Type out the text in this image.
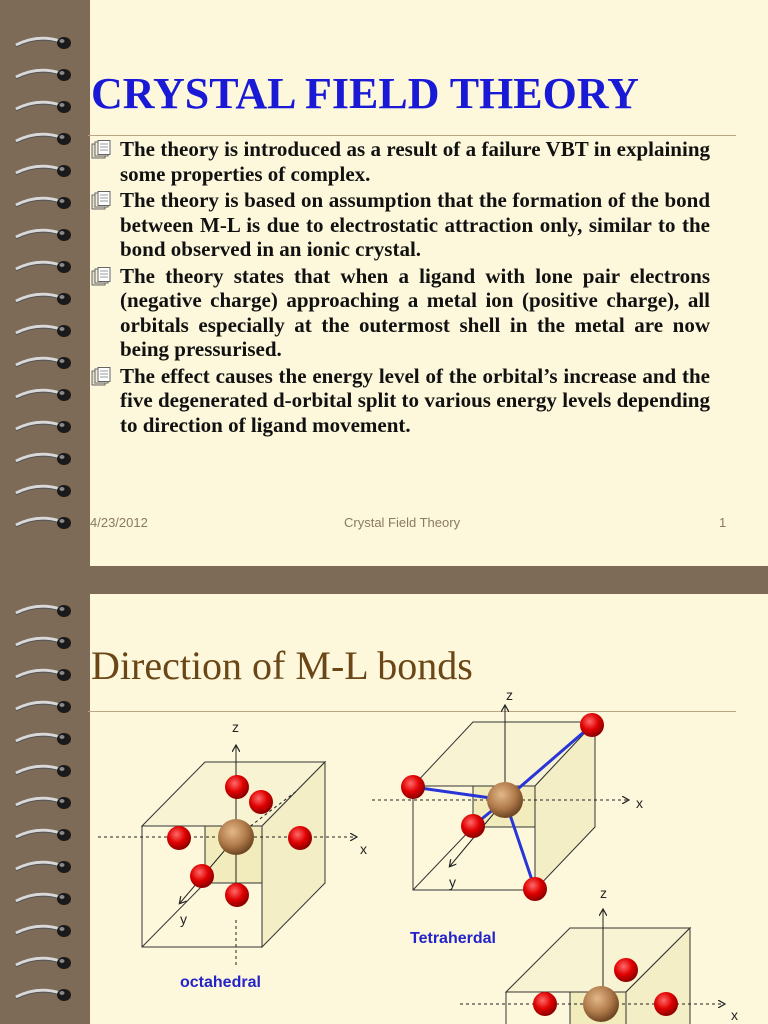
CRYSTAL FIELD THEORY
The theory is introduced as a result of a failure VBT in explaining some properties of complex.
The theory is based on assumption that the formation of the bond between M-L is due to electrostatic attraction only, similar to the bond observed in an ionic crystal.
The theory states that when a ligand with lone pair electrons (negative charge) approaching a metal ion (positive charge), all orbitals especially at the outermost shell in the metal are now being pressurised.
The effect causes the energy level of the orbital’s increase and the five degenerated d-orbital split to various energy levels depending to direction of ligand movement.
4/23/2012	Crystal Field Theory	1
Direction of M-L bonds
z
x
y
octahedral
z
x
y
Tetraherdal
z
x
